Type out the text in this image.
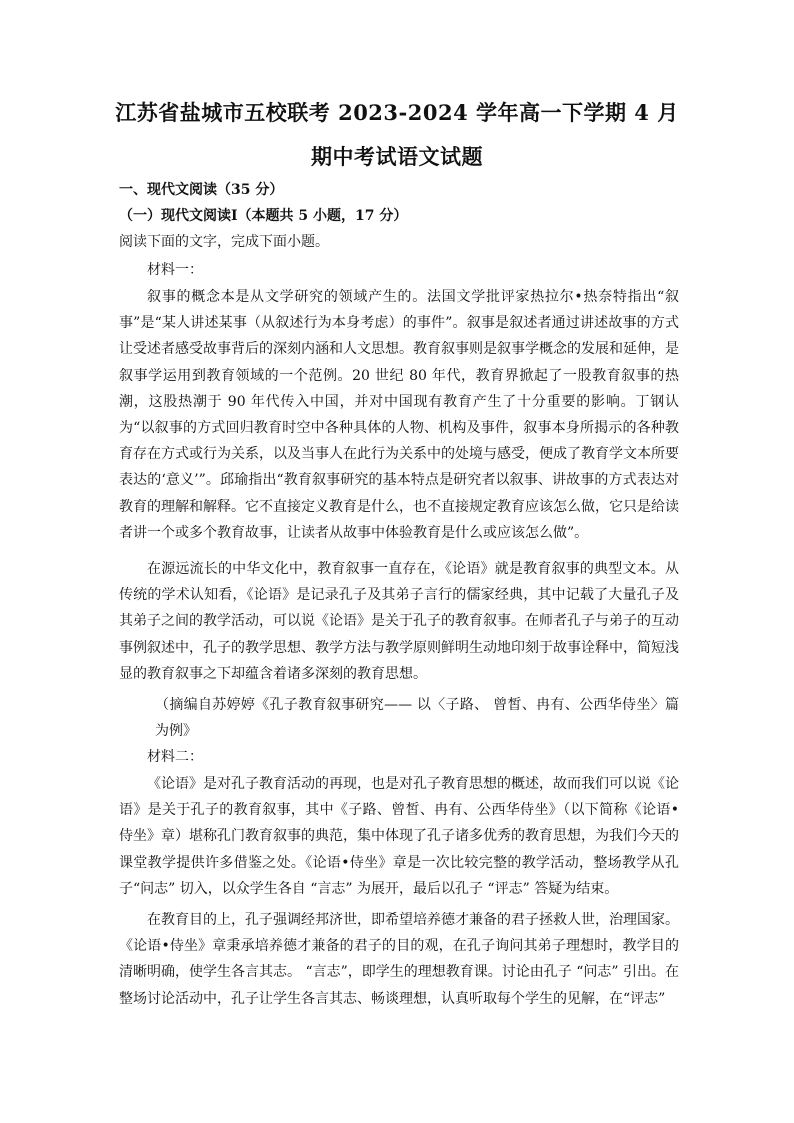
江苏省盐城市五校联考 2023-2024 学年高一下学期 4 月
期中考试语文试题
一、现代文阅读（35 分）
（一）现代文阅读Ⅰ（本题共 5 小题，17 分）
阅读下面的文字，完成下面小题。
材料一：
叙事的概念本是从文学研究的领域产生的。法国文学批评家热拉尔•热奈特指出“叙事”是“某人讲述某事（从叙述行为本身考虑）的事件”。叙事是叙述者通过讲述故事的方式让受述者感受故事背后的深刻内涵和人文思想。教育叙事则是叙事学概念的发展和延伸，是叙事学运用到教育领域的一个范例。20 世纪 80 年代，教育界掀起了一股教育叙事的热潮，这股热潮于 90 年代传入中国，并对中国现有教育产生了十分重要的影响。丁钢认为“以叙事的方式回归教育时空中各种具体的人物、机构及事件，叙事本身所揭示的各种教育存在方式或行为关系，以及当事人在此行为关系中的处境与感受，便成了教育学文本所要表达的‘意义’”。邱瑜指出“教育叙事研究的基本特点是研究者以叙事、讲故事的方式表达对教育的理解和解释。它不直接定义教育是什么，也不直接规定教育应该怎么做，它只是给读者讲一个或多个教育故事，让读者从故事中体验教育是什么或应该怎么做”。
在源远流长的中华文化中，教育叙事一直存在，《论语》就是教育叙事的典型文本。从传统的学术认知看，《论语》是记录孔子及其弟子言行的儒家经典，其中记载了大量孔子及其弟子之间的教学活动，可以说《论语》是关于孔子的教育叙事。在师者孔子与弟子的互动事例叙述中，孔子的教学思想、教学方法与教学原则鲜明生动地印刻于故事诠释中，简短浅显的教育叙事之下却蕴含着诸多深刻的教育思想。
（摘编自苏婷婷《孔子教育叙事研究—— 以〈子路、 曾皙、冉有、公西华侍坐〉篇为例》
材料二：
《论语》是对孔子教育活动的再现，也是对孔子教育思想的概述，故而我们可以说《论语》是关于孔子的教育叙事，其中《子路、曾皙、冉有、公西华侍坐》（以下简称《论语•侍坐》章）堪称孔门教育叙事的典范，集中体现了孔子诸多优秀的教育思想，为我们今天的课堂教学提供许多借鉴之处。《论语•侍坐》章是一次比较完整的教学活动，整场教学从孔子“问志” 切入，以众学生各自 “言志” 为展开，最后以孔子 “评志” 答疑为结束。
在教育目的上，孔子强调经邦济世，即希望培养德才兼备的君子拯救人世，治理国家。《论语•侍坐》章秉承培养德才兼备的君子的目的观，在孔子询问其弟子理想时，教学目的清晰明确，使学生各言其志。 “言志”，即学生的理想教育课。讨论由孔子 “问志” 引出。在整场讨论活动中，孔子让学生各言其志、畅谈理想，认真听取每个学生的见解，在“评志”
